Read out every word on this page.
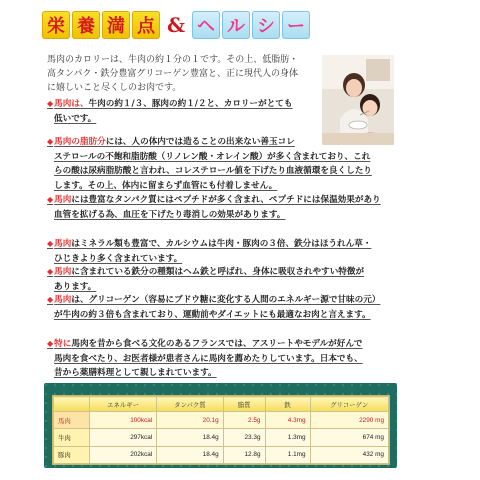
栄 養 満 点 & ヘ ル シ ー
馬肉のカロリーは、牛肉の約１分の１です。その上、低脂肪・
高タンパク・鉄分豊富グリコーゲン豊富と、正に現代人の身体
に嬉しいこと尽くしのお肉です。
◆馬肉は、牛肉の約１/３、豚肉の約１/２と、カロリーがとても
低いです。
◆馬肉の脂肪分には、人の体内では造ることの出来ない善玉コレ
ステロールの不飽和脂肪酸（リノレン酸・オレイン酸）が多く含まれており、これ
らの酸は尿病脂肪酸と言われ、コレステロール値を下げたり血液循環を良くしたり
します。その上、体内に留まらず血管にも付着しません。
◆馬肉には豊富なタンパク質にはペプチドが多く含まれ、ペプチドには保温効果があり
血管を拡げる為、血圧を下げたり毒消しの効果があります。
◆馬肉はミネラル類も豊富で、カルシウムは牛肉・豚肉の３倍、鉄分はほうれん草・
ひじきより多く含まれています。
◆馬肉に含まれている鉄分の種類はヘム鉄と呼ばれ、身体に吸収されやすい特徴が
あります。
◆馬肉は、グリコーゲン（容易にブドウ糖に変化する人間のエネルギー源で甘味の元）
が牛肉の約３倍も含まれており、運動前やダイエットにも最適なお肉と言えます。
◆特に馬肉を昔から食べる文化のあるフランスでは、アスリートやモデルが好んで
馬肉を食べたり、お医者様が患者さんに馬肉を薦めたりしています。日本でも、
昔から薬膳料理として親しまれています。
	エネルギー	タンパク質	脂質	鉄	グリコーゲン
馬肉	100kcal	20.1g	2.5g	4.3mg	2290 mg
牛肉	297kcal	18.4g	23.3g	1.3mg	674 mg
豚肉	202kcal	18.4g	12.8g	1.1mg	432 mg
